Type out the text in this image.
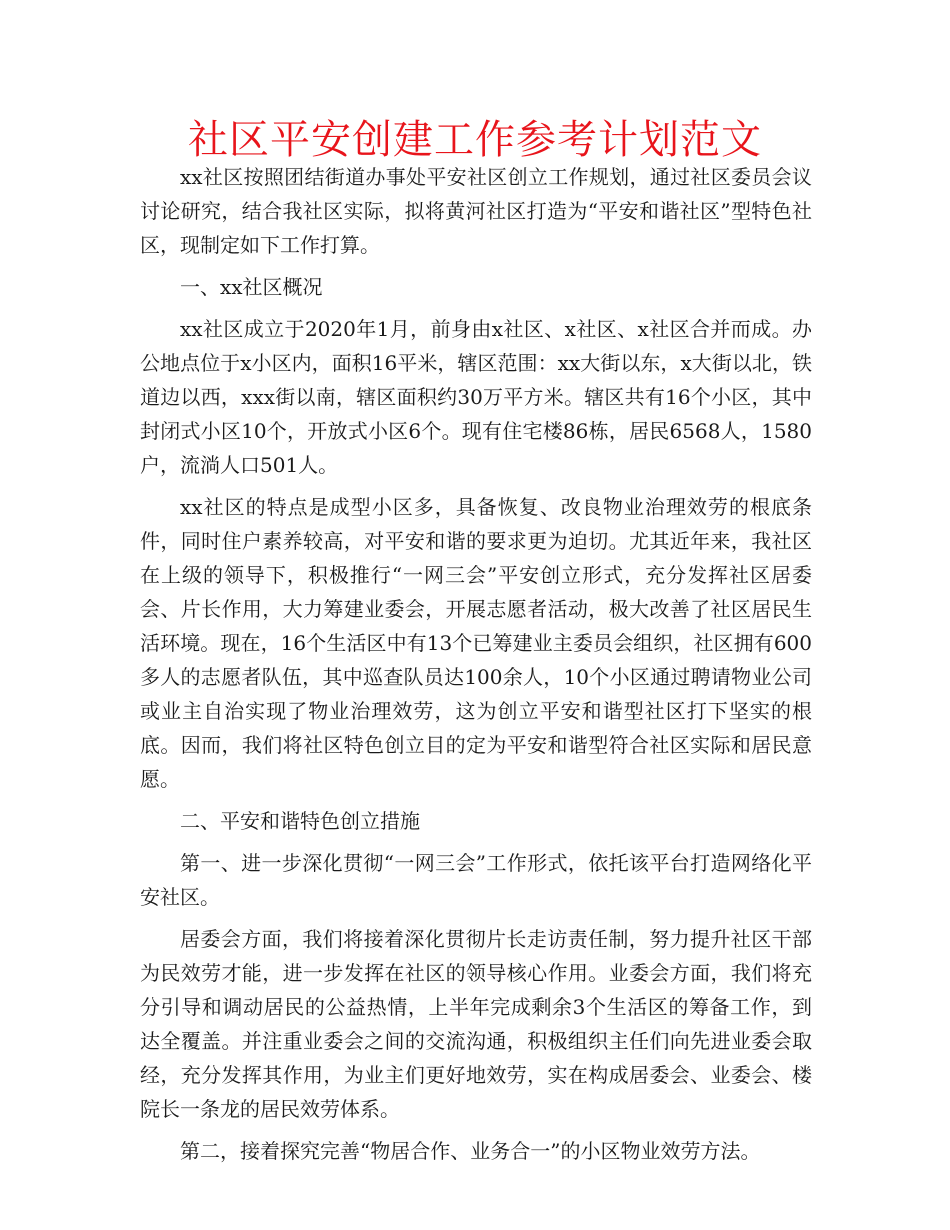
社区平安创建工作参考计划范文

xx社区按照团结街道办事处平安社区创立工作规划，通过社区委员会议讨论研究，结合我社区实际，拟将黄河社区打造为“平安和谐社区”型特色社区，现制定如下工作打算。

一、xx社区概况

xx社区成立于2020年1月，前身由x社区、x社区、x社区合并而成。办公地点位于x小区内，面积16平米，辖区范围：xx大街以东，x大街以北，铁道边以西，xxx街以南，辖区面积约30万平方米。辖区共有16个小区，其中封闭式小区10个，开放式小区6个。现有住宅楼86栋，居民6568人，1580户，流淌人口501人。

xx社区的特点是成型小区多，具备恢复、改良物业治理效劳的根底条件，同时住户素养较高，对平安和谐的要求更为迫切。尤其近年来，我社区在上级的领导下，积极推行“一网三会”平安创立形式，充分发挥社区居委会、片长作用，大力筹建业委会，开展志愿者活动，极大改善了社区居民生活环境。现在，16个生活区中有13个已筹建业主委员会组织，社区拥有600多人的志愿者队伍，其中巡查队员达100余人，10个小区通过聘请物业公司或业主自治实现了物业治理效劳，这为创立平安和谐型社区打下坚实的根底。因而，我们将社区特色创立目的定为平安和谐型符合社区实际和居民意愿。

二、平安和谐特色创立措施

第一、进一步深化贯彻“一网三会”工作形式，依托该平台打造网络化平安社区。

居委会方面，我们将接着深化贯彻片长走访责任制，努力提升社区干部为民效劳才能，进一步发挥在社区的领导核心作用。业委会方面，我们将充分引导和调动居民的公益热情，上半年完成剩余3个生活区的筹备工作，到达全覆盖。并注重业委会之间的交流沟通，积极组织主任们向先进业委会取经，充分发挥其作用，为业主们更好地效劳，实在构成居委会、业委会、楼院长一条龙的居民效劳体系。

第二，接着探究完善“物居合作、业务合一”的小区物业效劳方法。
